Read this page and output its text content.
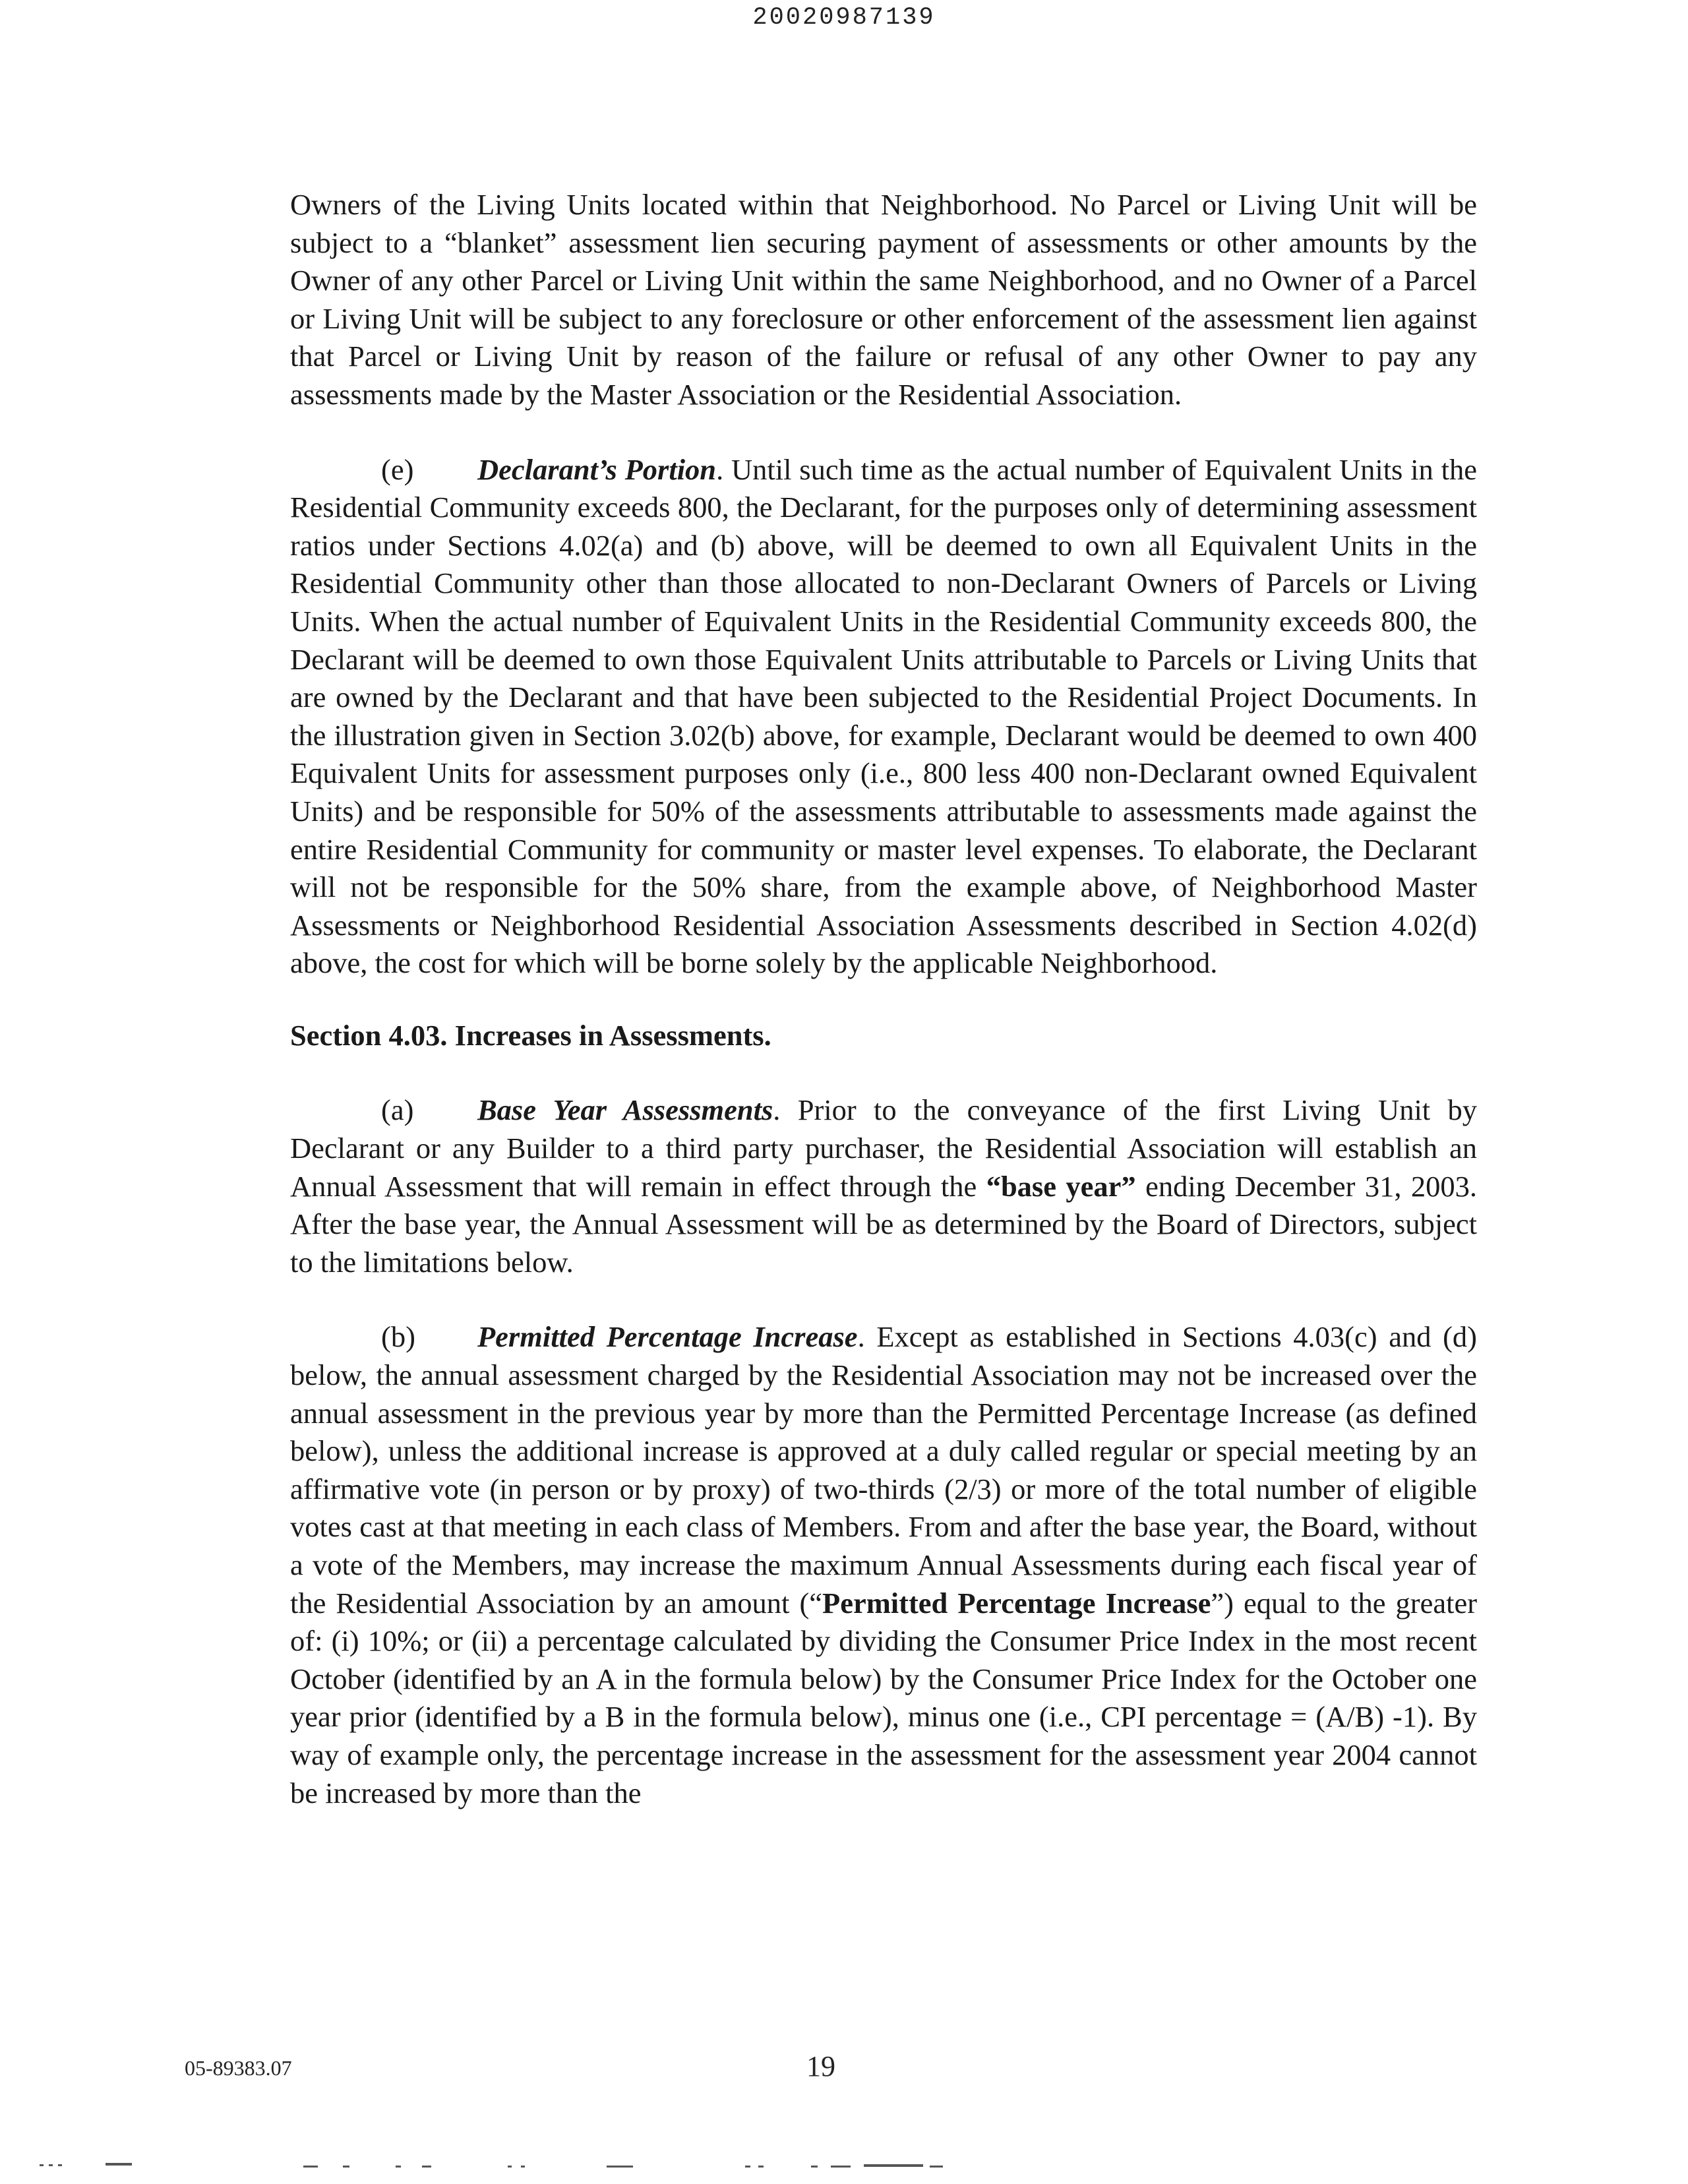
20020987139

Owners of the Living Units located within that Neighborhood. No Parcel or Living Unit will be subject to a “blanket” assessment lien securing payment of assessments or other amounts by the Owner of any other Parcel or Living Unit within the same Neighborhood, and no Owner of a Parcel or Living Unit will be subject to any foreclosure or other enforcement of the assessment lien against that Parcel or Living Unit by reason of the failure or refusal of any other Owner to pay any assessments made by the Master Association or the Residential Association.

(e) Declarant’s Portion. Until such time as the actual number of Equivalent Units in the Residential Community exceeds 800, the Declarant, for the purposes only of determining assessment ratios under Sections 4.02(a) and (b) above, will be deemed to own all Equivalent Units in the Residential Community other than those allocated to non-Declarant Owners of Parcels or Living Units. When the actual number of Equivalent Units in the Residential Community exceeds 800, the Declarant will be deemed to own those Equivalent Units attributable to Parcels or Living Units that are owned by the Declarant and that have been subjected to the Residential Project Documents. In the illustration given in Section 3.02(b) above, for example, Declarant would be deemed to own 400 Equivalent Units for assessment purposes only (i.e., 800 less 400 non-Declarant owned Equivalent Units) and be responsible for 50% of the assessments attributable to assessments made against the entire Residential Community for community or master level expenses. To elaborate, the Declarant will not be responsible for the 50% share, from the example above, of Neighborhood Master Assessments or Neighborhood Residential Association Assessments described in Section 4.02(d) above, the cost for which will be borne solely by the applicable Neighborhood.

Section 4.03. Increases in Assessments.

(a) Base Year Assessments. Prior to the conveyance of the first Living Unit by Declarant or any Builder to a third party purchaser, the Residential Association will establish an Annual Assessment that will remain in effect through the “base year” ending December 31, 2003. After the base year, the Annual Assessment will be as determined by the Board of Directors, subject to the limitations below.

(b) Permitted Percentage Increase. Except as established in Sections 4.03(c) and (d) below, the annual assessment charged by the Residential Association may not be increased over the annual assessment in the previous year by more than the Permitted Percentage Increase (as defined below), unless the additional increase is approved at a duly called regular or special meeting by an affirmative vote (in person or by proxy) of two-thirds (2/3) or more of the total number of eligible votes cast at that meeting in each class of Members. From and after the base year, the Board, without a vote of the Members, may increase the maximum Annual Assessments during each fiscal year of the Residential Association by an amount (“Permitted Percentage Increase”) equal to the greater of: (i) 10%; or (ii) a percentage calculated by dividing the Consumer Price Index in the most recent October (identified by an A in the formula below) by the Consumer Price Index for the October one year prior (identified by a B in the formula below), minus one (i.e., CPI percentage = (A/B) -1). By way of example only, the percentage increase in the assessment for the assessment year 2004 cannot be increased by more than the

05-89383.07	19
